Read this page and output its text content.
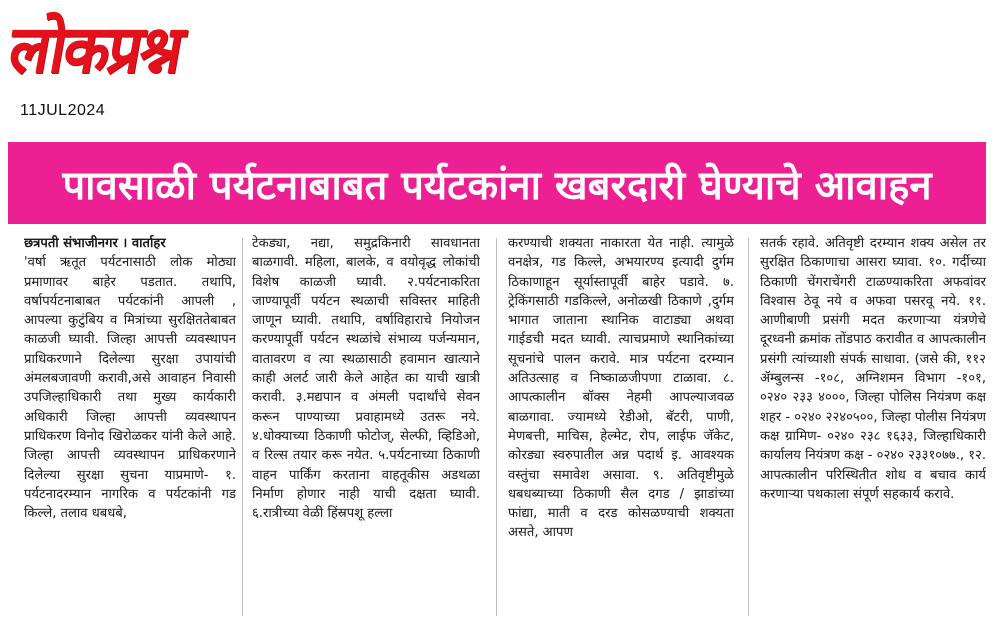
लोकप्रश्न
11JUL2024
पावसाळी पर्यटनाबाबत पर्यटकांना खबरदारी घेण्याचे आवाहन
छत्रपती संभाजीनगर । वार्ताहर
'वर्षा ऋतूत पर्यटनासाठी लोक मोठ्या प्रमाणावर बाहेर पडतात. तथापि, वर्षापर्यटनाबाबत पर्यटकांनी आपली , आपल्या कुटुंबिय व मित्रांच्या सुरक्षिततेबाबत काळजी घ्यावी. जिल्हा आपत्ती व्यवस्थापन प्राधिकरणाने दिलेल्या सुरक्षा उपायांची अंमलबजावणी करावी,असे आवाहन निवासी उपजिल्हाधिकारी तथा मुख्य कार्यकारी अधिकारी जिल्हा आपत्ती व्यवस्थापन प्राधिकरण विनोद खिरोळकर यांनी केले आहे. जिल्हा आपत्ती व्यवस्थापन प्राधिकरणाने दिलेल्या सुरक्षा सुचना याप्रमाणे- १. पर्यटनादरम्यान नागरिक व पर्यटकांनी गड किल्ले, तलाव धबधबे,
टेकड्या, नद्या, समुद्रकिनारी सावधानता बाळगावी. महिला, बालके, व वयोवृद्ध लोकांची विशेष काळजी घ्यावी. २.पर्यटनाकरिता जाण्यापूर्वी पर्यटन स्थळाची सविस्तर माहिती जाणून घ्यावी. तथापि, वर्षाविहाराचे नियोजन करण्यापूर्वी पर्यटन स्थळांचे संभाव्य पर्जन्यमान, वातावरण व त्या स्थळासाठी हवामान खात्याने काही अलर्ट जारी केले आहेत का याची खात्री करावी. ३.मद्यपान व अंमली पदार्थांचे सेवन करून पाण्याच्या प्रवाहामध्ये उतरू नये. ४.धोक्याच्या ठिकाणी फोटोज्, सेल्फी, व्हिडिओ, व रिल्स तयार करू नयेत. ५.पर्यटनाच्या ठिकाणी वाहन पार्किंग करताना वाहतूकीस अडथळा निर्माण होणार नाही याची दक्षता घ्यावी. ६.रात्रीच्या वेळी हिंस्रपशू हल्ला
करण्याची शक्यता नाकारता येत नाही. त्यामुळे वनक्षेत्र, गड किल्ले, अभयारण्य इत्यादी दुर्गम ठिकाणाहून सूर्यास्तापूर्वी बाहेर पडावे. ७. ट्रेकिंगसाठी गडकिल्ले, अनोळखी ठिकाणे ,दुर्गम भागात जाताना स्थानिक वाटाड्या अथवा गाईडची मदत घ्यावी. त्याचप्रमाणे स्थानिकांच्या सूचनांचे पालन करावे. मात्र पर्यटना दरम्यान अतिउत्साह व निष्काळजीपणा टाळावा. ८. आपत्कालीन बॉक्स नेहमी आपल्याजवळ बाळगावा. ज्यामध्ये रेडीओ, बॅटरी, पाणी, मेणबत्ती, माचिस, हेल्मेट, रोप, लाईफ जॅकेट, कोरड्या स्वरुपातील अन्न पदार्थ इ. आवश्यक वस्तुंचा समावेश असावा. ९. अतिवृष्टीमुळे धबधब्याच्या ठिकाणी सैल दगड / झाडांच्या फांद्या, माती व दरड कोसळण्याची शक्यता असते, आपण
सतर्क रहावे. अतिवृष्टी दरम्यान शक्य असेल तर सुरक्षित ठिकाणाचा आसरा घ्यावा. १०. गर्दीच्या ठिकाणी चेंगराचेंगरी टाळण्याकरिता अफवांवर विश्वास ठेवू नये व अफवा पसरवू नये. ११. आणीबाणी प्रसंगी मदत करणाऱ्या यंत्रणेचे दूरध्वनी क्रमांक तोंडपाठ करावीत व आपत्कालीन प्रसंगी त्यांच्याशी संपर्क साधावा. (जसे की, ११२ ॲम्बुलन्स -१०८, अग्निशमन विभाग -१०१, ०२४० २३३ ४०००, जिल्हा पोलिस नियंत्रण कक्ष शहर - ०२४० २२४०५००, जिल्हा पोलीस नियंत्रण कक्ष ग्रामिण- ०२४० २३८ १६३३, जिल्हाधिकारी कार्यालय नियंत्रण कक्ष - ०२४० २३३१०७७., १२. आपत्कालीन परिस्थितीत शोध व बचाव कार्य करणाऱ्या पथकाला संपूर्ण सहकार्य करावे.
